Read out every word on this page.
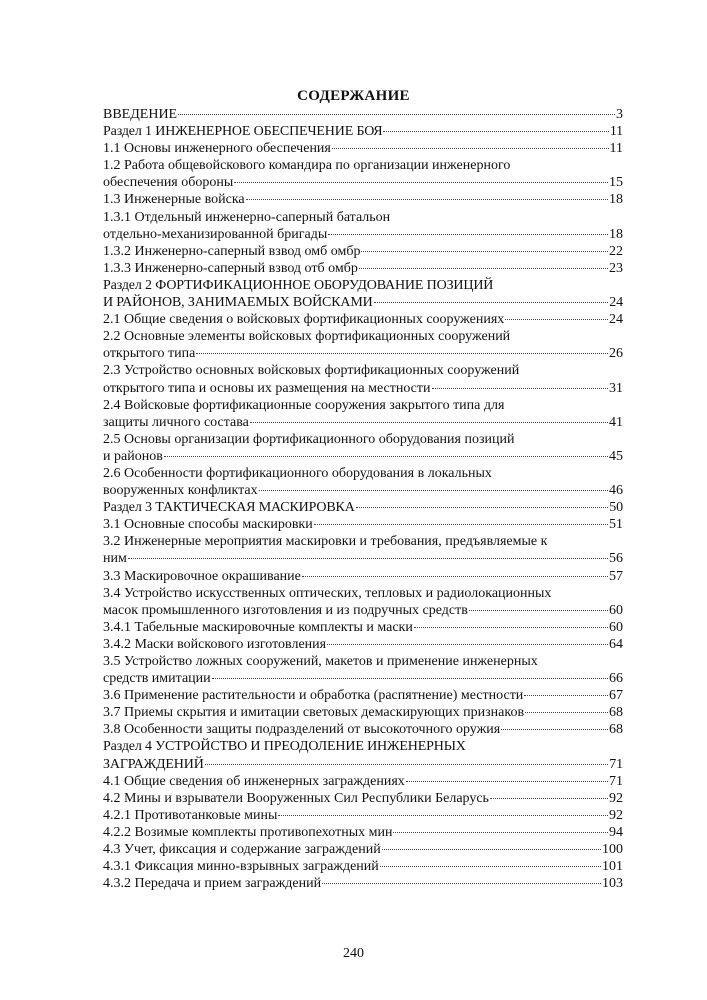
СОДЕРЖАНИЕ
ВВЕДЕНИЕ	3
Раздел 1 ИНЖЕНЕРНОЕ ОБЕСПЕЧЕНИЕ БОЯ	11
1.1 Основы инженерного обеспечения	11
1.2 Работа общевойскового командира по организации инженерного
обеспечения обороны	15
1.3 Инженерные войска	18
1.3.1 Отдельный инженерно-саперный батальон
отдельно-механизированной бригады	18
1.3.2 Инженерно-саперный взвод омб омбр	22
1.3.3 Инженерно-саперный взвод отб омбр	23
Раздел 2 ФОРТИФИКАЦИОННОЕ ОБОРУДОВАНИЕ ПОЗИЦИЙ
И РАЙОНОВ, ЗАНИМАЕМЫХ ВОЙСКАМИ	24
2.1 Общие сведения о войсковых фортификационных сооружениях	24
2.2 Основные элементы войсковых фортификационных сооружений
открытого типа	26
2.3 Устройство основных войсковых фортификационных сооружений
открытого типа и основы их размещения на местности	31
2.4 Войсковые фортификационные сооружения закрытого типа для
защиты личного состава	41
2.5 Основы организации фортификационного оборудования позиций
и районов	45
2.6 Особенности фортификационного оборудования в локальных
вооруженных конфликтах	46
Раздел 3 ТАКТИЧЕСКАЯ МАСКИРОВКА	50
3.1 Основные способы маскировки	51
3.2 Инженерные мероприятия маскировки и требования, предъявляемые к
ним	56
3.3 Маскировочное окрашивание	57
3.4 Устройство искусственных оптических, тепловых и радиолокационных
масок промышленного изготовления и из подручных средств	60
3.4.1 Табельные маскировочные комплекты и маски	60
3.4.2 Маски войскового изготовления	64
3.5 Устройство ложных сооружений, макетов и применение инженерных
средств имитации	66
3.6 Применение растительности и обработка (распятнение) местности	67
3.7 Приемы скрытия и имитации световых демаскирующих признаков	68
3.8 Особенности защиты подразделений от высокоточного оружия	68
Раздел 4 УСТРОЙСТВО И ПРЕОДОЛЕНИЕ ИНЖЕНЕРНЫХ
ЗАГРАЖДЕНИЙ	71
4.1 Общие сведения об инженерных заграждениях	71
4.2 Мины и взрыватели Вооруженных Сил Республики Беларусь	92
4.2.1 Противотанковые мины	92
4.2.2 Возимые комплекты противопехотных мин	94
4.3 Учет, фиксация и содержание заграждений	100
4.3.1 Фиксация минно-взрывных заграждений	101
4.3.2 Передача и прием заграждений	103
240
